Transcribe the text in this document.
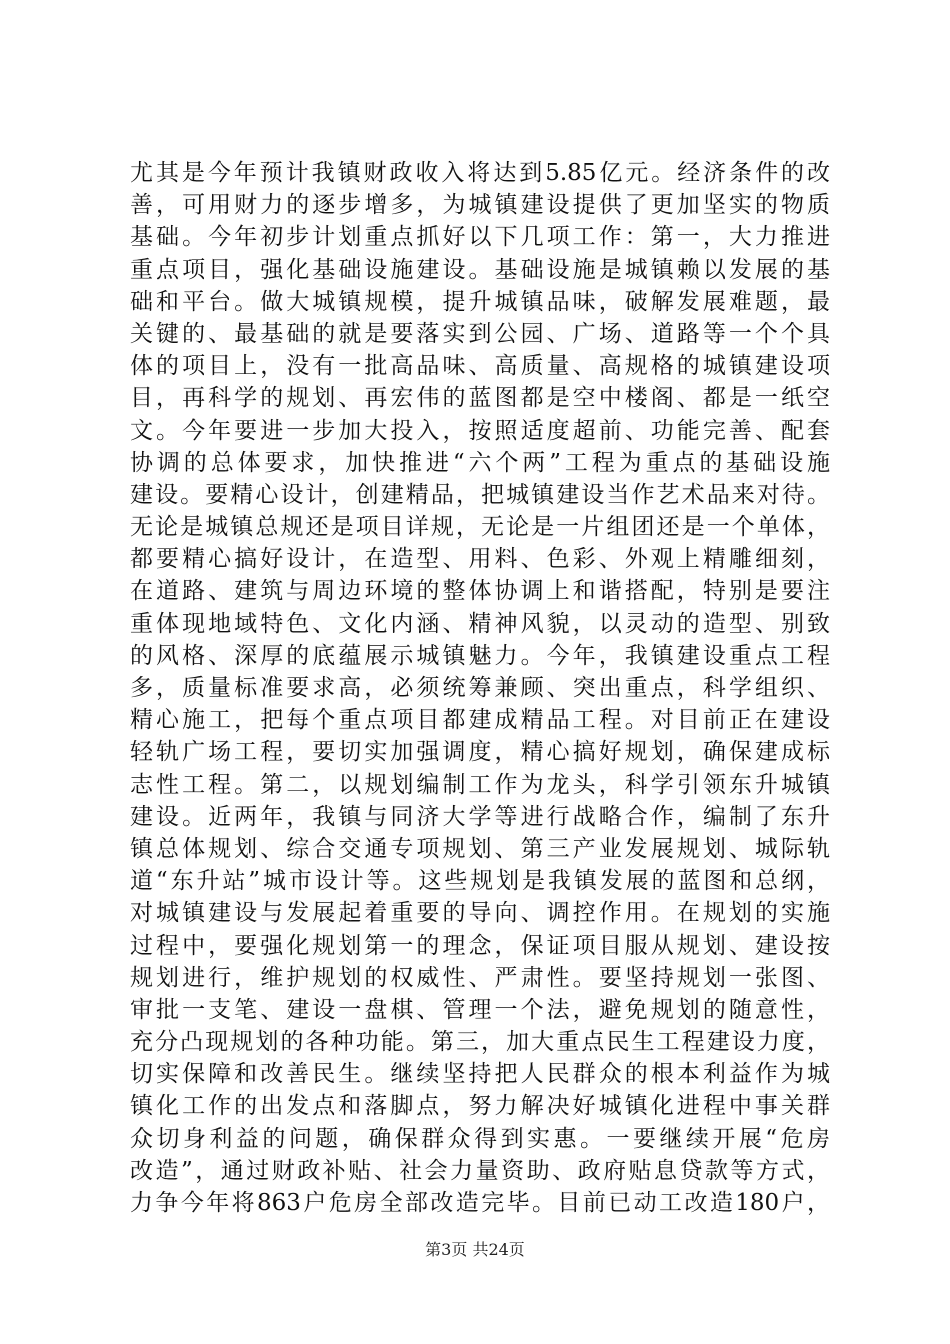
尤其是今年预计我镇财政收入将达到5.85亿元。经济条件的改
善，可用财力的逐步增多，为城镇建设提供了更加坚实的物质
基础。今年初步计划重点抓好以下几项工作：第一，大力推进
重点项目，强化基础设施建设。基础设施是城镇赖以发展的基
础和平台。做大城镇规模，提升城镇品味，破解发展难题，最
关键的、最基础的就是要落实到公园、广场、道路等一个个具
体的项目上，没有一批高品味、高质量、高规格的城镇建设项
目，再科学的规划、再宏伟的蓝图都是空中楼阁、都是一纸空
文。今年要进一步加大投入，按照适度超前、功能完善、配套
协调的总体要求，加快推进“六个两”工程为重点的基础设施
建设。要精心设计，创建精品，把城镇建设当作艺术品来对待。
无论是城镇总规还是项目详规，无论是一片组团还是一个单体，
都要精心搞好设计，在造型、用料、色彩、外观上精雕细刻，
在道路、建筑与周边环境的整体协调上和谐搭配，特别是要注
重体现地域特色、文化内涵、精神风貌，以灵动的造型、别致
的风格、深厚的底蕴展示城镇魅力。今年，我镇建设重点工程
多，质量标准要求高，必须统筹兼顾、突出重点，科学组织、
精心施工，把每个重点项目都建成精品工程。对目前正在建设
轻轨广场工程，要切实加强调度，精心搞好规划，确保建成标
志性工程。第二，以规划编制工作为龙头，科学引领东升城镇
建设。近两年，我镇与同济大学等进行战略合作，编制了东升
镇总体规划、综合交通专项规划、第三产业发展规划、城际轨
道“东升站”城市设计等。这些规划是我镇发展的蓝图和总纲，
对城镇建设与发展起着重要的导向、调控作用。在规划的实施
过程中，要强化规划第一的理念，保证项目服从规划、建设按
规划进行，维护规划的权威性、严肃性。要坚持规划一张图、
审批一支笔、建设一盘棋、管理一个法，避免规划的随意性，
充分凸现规划的各种功能。第三，加大重点民生工程建设力度，
切实保障和改善民生。继续坚持把人民群众的根本利益作为城
镇化工作的出发点和落脚点，努力解决好城镇化进程中事关群
众切身利益的问题，确保群众得到实惠。一要继续开展“危房
改造”，通过财政补贴、社会力量资助、政府贴息贷款等方式，
力争今年将863户危房全部改造完毕。目前已动工改造180户，
第3页 共24页
